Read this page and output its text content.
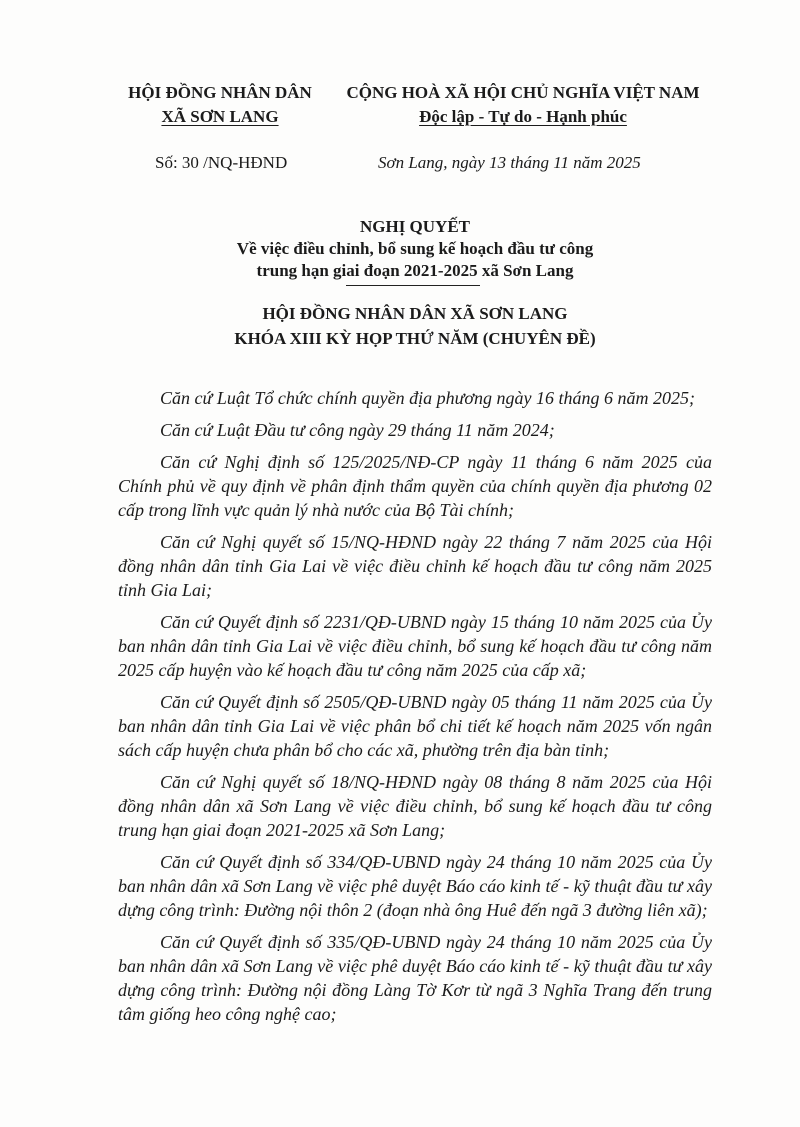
HỘI ĐỒNG NHÂN DÂN
XÃ SƠN LANG
CỘNG HOÀ XÃ HỘI CHỦ NGHĨA VIỆT NAM
Độc lập - Tự do - Hạnh phúc
Số: 30 /NQ-HĐND	Sơn Lang, ngày 13 tháng 11 năm 2025
NGHỊ QUYẾT
Về việc điều chỉnh, bổ sung kế hoạch đầu tư công
trung hạn giai đoạn 2021-2025 xã Sơn Lang
HỘI ĐỒNG NHÂN DÂN XÃ SƠN LANG
KHÓA XIII KỲ HỌP THỨ NĂM (CHUYÊN ĐỀ)

Căn cứ Luật Tổ chức chính quyền địa phương ngày 16 tháng 6 năm 2025;

Căn cứ Luật Đầu tư công ngày 29 tháng 11 năm 2024;

Căn cứ Nghị định số 125/2025/NĐ-CP ngày 11 tháng 6 năm 2025 của Chính phủ về quy định về phân định thẩm quyền của chính quyền địa phương 02 cấp trong lĩnh vực quản lý nhà nước của Bộ Tài chính;

Căn cứ Nghị quyết số 15/NQ-HĐND ngày 22 tháng 7 năm 2025 của Hội đồng nhân dân tỉnh Gia Lai về việc điều chỉnh kế hoạch đầu tư công năm 2025 tỉnh Gia Lai;

Căn cứ Quyết định số 2231/QĐ-UBND ngày 15 tháng 10 năm 2025 của Ủy ban nhân dân tỉnh Gia Lai về việc điều chỉnh, bổ sung kế hoạch đầu tư công năm 2025 cấp huyện vào kế hoạch đầu tư công năm 2025 của cấp xã;

Căn cứ Quyết định số 2505/QĐ-UBND ngày 05 tháng 11 năm 2025 của Ủy ban nhân dân tỉnh Gia Lai về việc phân bổ chi tiết kế hoạch năm 2025 vốn ngân sách cấp huyện chưa phân bổ cho các xã, phường trên địa bàn tỉnh;

Căn cứ Nghị quyết số 18/NQ-HĐND ngày 08 tháng 8 năm 2025 của Hội đồng nhân dân xã Sơn Lang về việc điều chỉnh, bổ sung kế hoạch đầu tư công trung hạn giai đoạn 2021-2025 xã Sơn Lang;

Căn cứ Quyết định số 334/QĐ-UBND ngày 24 tháng 10 năm 2025 của Ủy ban nhân dân xã Sơn Lang về việc phê duyệt Báo cáo kinh tế - kỹ thuật đầu tư xây dựng công trình: Đường nội thôn 2 (đoạn nhà ông Huê đến ngã 3 đường liên xã);

Căn cứ Quyết định số 335/QĐ-UBND ngày 24 tháng 10 năm 2025 của Ủy ban nhân dân xã Sơn Lang về việc phê duyệt Báo cáo kinh tế - kỹ thuật đầu tư xây dựng công trình: Đường nội đồng Làng Tờ Kơr từ ngã 3 Nghĩa Trang đến trung tâm giống heo công nghệ cao;
